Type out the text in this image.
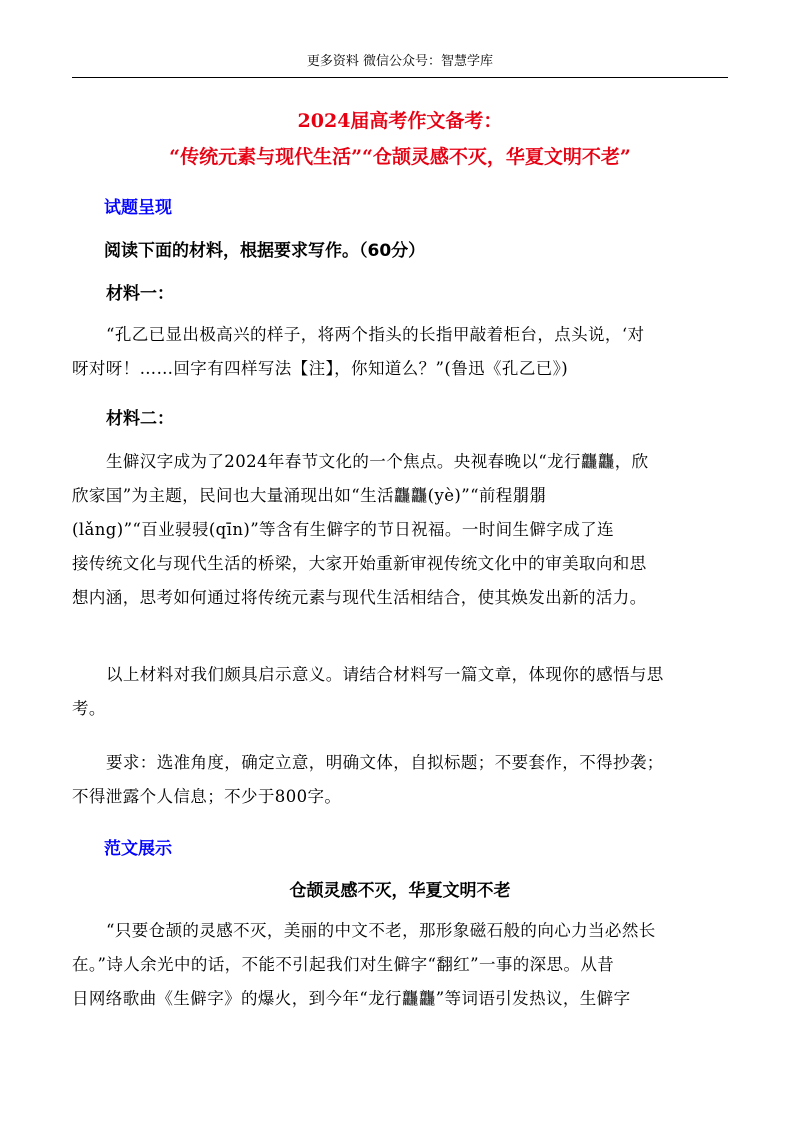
更多资料 微信公众号：智慧学库
2024届高考作文备考：
“传统元素与现代生活”“仓颉灵感不灭，华夏文明不老”
试题呈现
阅读下面的材料，根据要求写作。（60分）
材料一：
“孔乙已显出极高兴的样子，将两个指头的长指甲敲着柜台，点头说，‘对
呀对呀！……回字有四样写法【注】，你知道么？”(鲁迅《孔乙已》)
材料二：
生僻汉字成为了2024年春节文化的一个焦点。央视春晚以“龙行龘龘，欣
欣家国”为主题，民间也大量涌现出如“生活龘龘(yè)”“前程朤朤
(lǎng)”“百业骎骎(qīn)”等含有生僻字的节日祝福。一时间生僻字成了连
接传统文化与现代生活的桥梁，大家开始重新审视传统文化中的审美取向和思
想内涵，思考如何通过将传统元素与现代生活相结合，使其焕发出新的活力。
以上材料对我们颇具启示意义。请结合材料写一篇文章，体现你的感悟与思
考。
要求：选准角度，确定立意，明确文体，自拟标题；不要套作，不得抄袭；
不得泄露个人信息；不少于800字。
范文展示
仓颉灵感不灭，华夏文明不老
“只要仓颉的灵感不灭，美丽的中文不老，那形象磁石般的向心力当必然长
在。”诗人余光中的话，不能不引起我们对生僻字“翻红”一事的深思。从昔
日网络歌曲《生僻字》的爆火，到今年“龙行龘龘”等词语引发热议，生僻字
